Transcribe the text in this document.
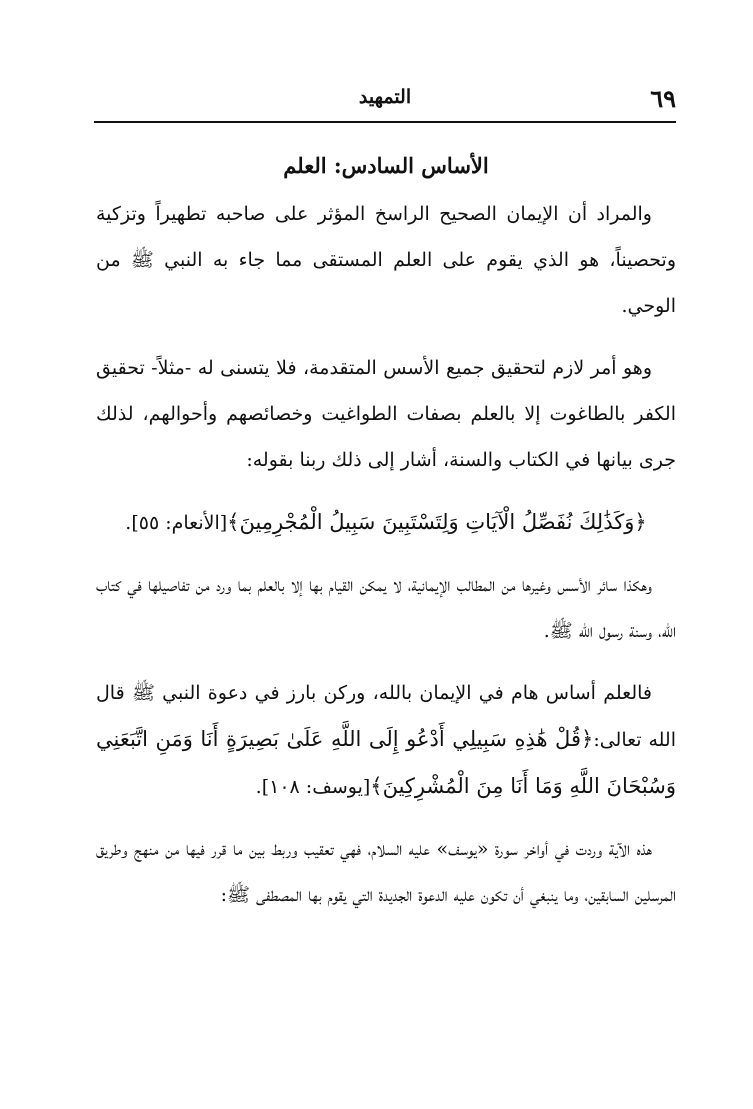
٦٩
التمهيد
الأساس السادس: العلم

والمراد أن الإيمان الصحيح الراسخ المؤثر على صاحبه تطهيراً وتزكية وتحصيناً، هو الذي يقوم على العلم المستقى مما جاء به النبي ﷺ من الوحي.

وهو أمر لازم لتحقيق جميع الأسس المتقدمة، فلا يتسنى له -مثلاً- تحقيق الكفر بالطاغوت إلا بالعلم بصفات الطواغيت وخصائصهم وأحوالهم، لذلك جرى بيانها في الكتاب والسنة، أشار إلى ذلك ربنا بقوله:

﴿وَكَذَٰلِكَ نُفَصِّلُ الْآيَاتِ وَلِتَسْتَبِينَ سَبِيلُ الْمُجْرِمِينَ﴾[الأنعام: ٥٥].

وهكذا سائر الأسس وغيرها من المطالب الإيمانية، لا يمكن القيام بها إلا بالعلم بما ورد من تفاصيلها في كتاب الله، وسنة رسول الله ﷺ.

فالعلم أساس هام في الإيمان بالله، وركن بارز في دعوة النبي ﷺ قال الله تعالى:﴿قُلْ هَٰذِهِ سَبِيلِي أَدْعُو إِلَى اللَّهِ عَلَىٰ بَصِيرَةٍ أَنَا وَمَنِ اتَّبَعَنِي وَسُبْحَانَ اللَّهِ وَمَا أَنَا مِنَ الْمُشْرِكِينَ﴾[يوسف: ١٠٨].

هذه الآية وردت في أواخر سورة «يوسف» عليه السلام، فهي تعقيب وربط بين ما قرر فيها من منهج وطريق المرسلين السابقين، وما ينبغي أن تكون عليه الدعوة الجديدة التي يقوم بها المصطفى ﷺ:
